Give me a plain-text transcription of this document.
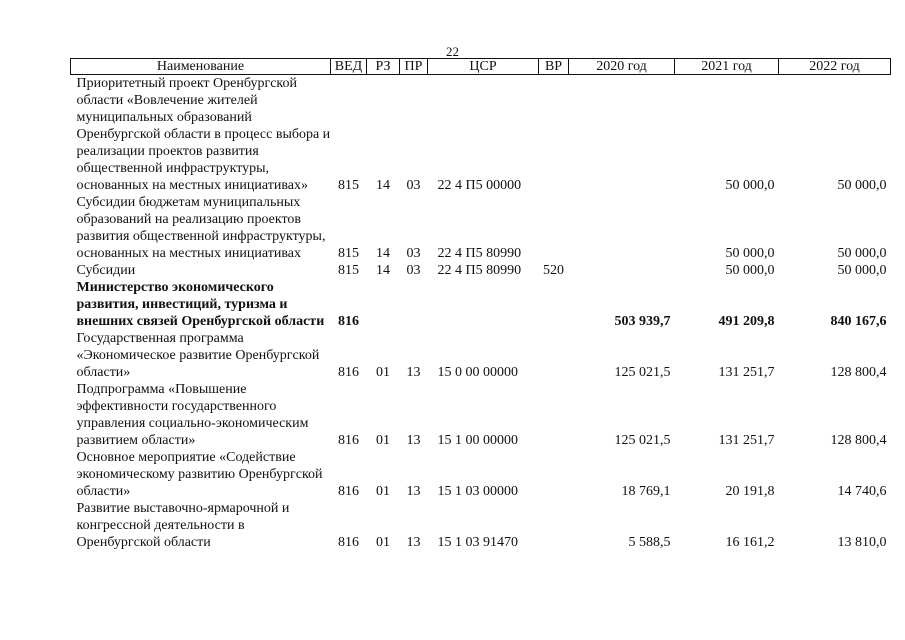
22
Наименование	ВЕД	РЗ	ПР	ЦСР	ВР	2020 год	2021 год	2022 год
Приоритетный проект Оренбургской области «Вовлечение жителей муниципальных образований Оренбургской области в процесс выбора и реализации проектов развития общественной инфраструктуры, основанных на местных инициативах»	815	14	03	22 4 П5 00000			50 000,0	50 000,0
Субсидии бюджетам муниципальных образований на реализацию проектов развития общественной инфраструктуры, основанных на местных инициативах	815	14	03	22 4 П5 80990			50 000,0	50 000,0
Субсидии	815	14	03	22 4 П5 80990	520		50 000,0	50 000,0
Министерство экономического развития, инвестиций, туризма и внешних связей Оренбургской области	816					503 939,7	491 209,8	840 167,6
Государственная программа «Экономическое развитие Оренбургской области»	816	01	13	15 0 00 00000		125 021,5	131 251,7	128 800,4
Подпрограмма «Повышение эффективности государственного управления социально-экономическим развитием области»	816	01	13	15 1 00 00000		125 021,5	131 251,7	128 800,4
Основное мероприятие «Содействие экономическому развитию Оренбургской области»	816	01	13	15 1 03 00000		18 769,1	20 191,8	14 740,6
Развитие выставочно-ярмарочной и конгрессной деятельности в Оренбургской области	816	01	13	15 1 03 91470		5 588,5	16 161,2	13 810,0
